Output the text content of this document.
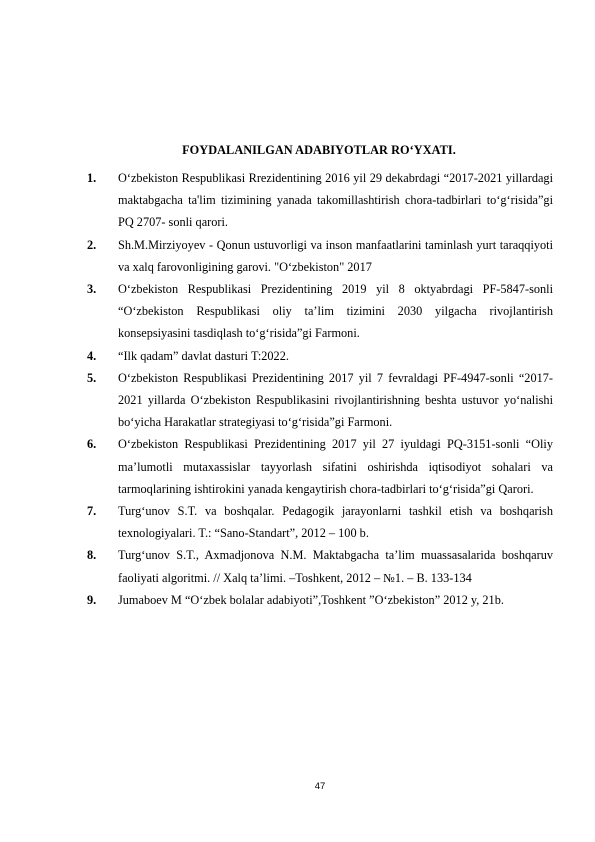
FOYDALANILGAN ADABIYOTLAR RO‘YXATI.

1. O‘zbekiston Respublikasi Rrezidentining 2016 yil 29 dekabrdagi “2017-2021 yillardagi maktabgacha ta'lim tizimining yanada takomillashtirish chora-tadbirlari to‘g‘risida”gi PQ 2707- sonli qarori.

2. Sh.M.Mirziyoyev - Qonun ustuvorligi va inson manfaatlarini taminlash yurt taraqqiyoti va xalq farovonligining garovi. "O‘zbekiston" 2017

3. O‘zbekiston Respublikasi Prezidentining 2019 yil 8 oktyabrdagi PF-5847-sonli “O‘zbekiston Respublikasi oliy ta’lim tizimini 2030 yilgacha rivojlantirish konsepsiyasini tasdiqlash to‘g‘risida”gi Farmoni.

4. “Ilk qadam” davlat dasturi T:2022.

5. O‘zbekiston Respublikasi Prezidentining 2017 yil 7 fevraldagi PF-4947-sonli “2017-2021 yillarda O‘zbekiston Respublikasini rivojlantirishning beshta ustuvor yo‘nalishi bo‘yicha Harakatlar strategiyasi to‘g‘risida”gi Farmoni.

6. O‘zbekiston Respublikasi Prezidentining 2017 yil 27 iyuldagi PQ-3151-sonli “Oliy ma’lumotli mutaxassislar tayyorlash sifatini oshirishda iqtisodiyot sohalari va tarmoqlarining ishtirokini yanada kengaytirish chora-tadbirlari to‘g‘risida”gi Qarori.

7. Turg‘unov S.T. va boshqalar. Pedagogik jarayonlarni tashkil etish va boshqarish texnologiyalari. T.: “Sano-Standart”, 2012 – 100 b.

8. Turg‘unov S.T., Axmadjonova N.M. Maktabgacha ta’lim muassasalarida boshqaruv faoliyati algoritmi. // Xalq ta’limi. –Toshkent, 2012 – №1. – B. 133-134

9. Jumaboev M “O‘zbek bolalar adabiyoti”,Toshkent ”O‘zbekiston” 2012 y, 21b.

47
